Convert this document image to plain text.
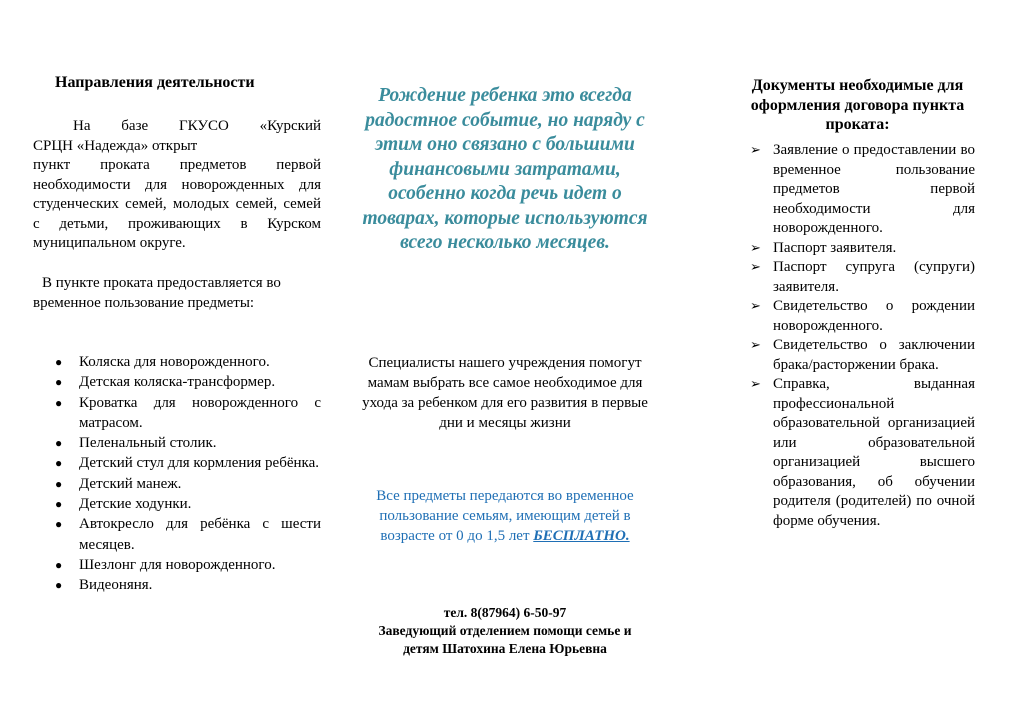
Направления деятельности

На базе ГКУСО «Курский

СРЦН «Надежда» открыт

пункт проката предметов первой необходимости для новорожденных для студенческих семей, молодых семей, семей с детьми, проживающих в Курском муниципальном округе.

В пункте проката предоставляется во временное пользование предметы:

● Коляска для новорожденного.
● Детская коляска-трансформер.
● Кроватка для новорожденного с матрасом.
● Пеленальный столик.
● Детский стул для кормления ребёнка.
● Детский манеж.
● Детские ходунки.
● Автокресло для ребёнка с шести месяцев.
● Шезлонг для новорожденного.
● Видеоняня.
Рождение ребенка это всегда радостное событие, но наряду с этим оно связано с большими финансовыми затратами, особенно когда речь идет о товарах, которые используются всего несколько месяцев.
Специалисты нашего учреждения помогут мамам выбрать все самое необходимое для ухода за ребенком для его развития в первые дни и месяцы жизни
Все предметы передаются во временное пользование семьям, имеющим детей в возрасте от 0 до 1,5 лет БЕСПЛАТНО.
тел. 8(87964) 6-50-97
Заведующий отделением помощи семье и детям Шатохина Елена Юрьевна
Документы необходимые для оформления договора пункта проката:
➢ Заявление о предоставлении во временное пользование предметов первой необходимости для новорожденного.
➢ Паспорт заявителя.
➢ Паспорт супруга (супруги) заявителя.
➢ Свидетельство о рождении новорожденного.
➢ Свидетельство о заключении брака/расторжении брака.
➢ Справка, выданная профессиональной образовательной организацией или образовательной организацией высшего образования, об обучении родителя (родителей) по очной форме обучения.
